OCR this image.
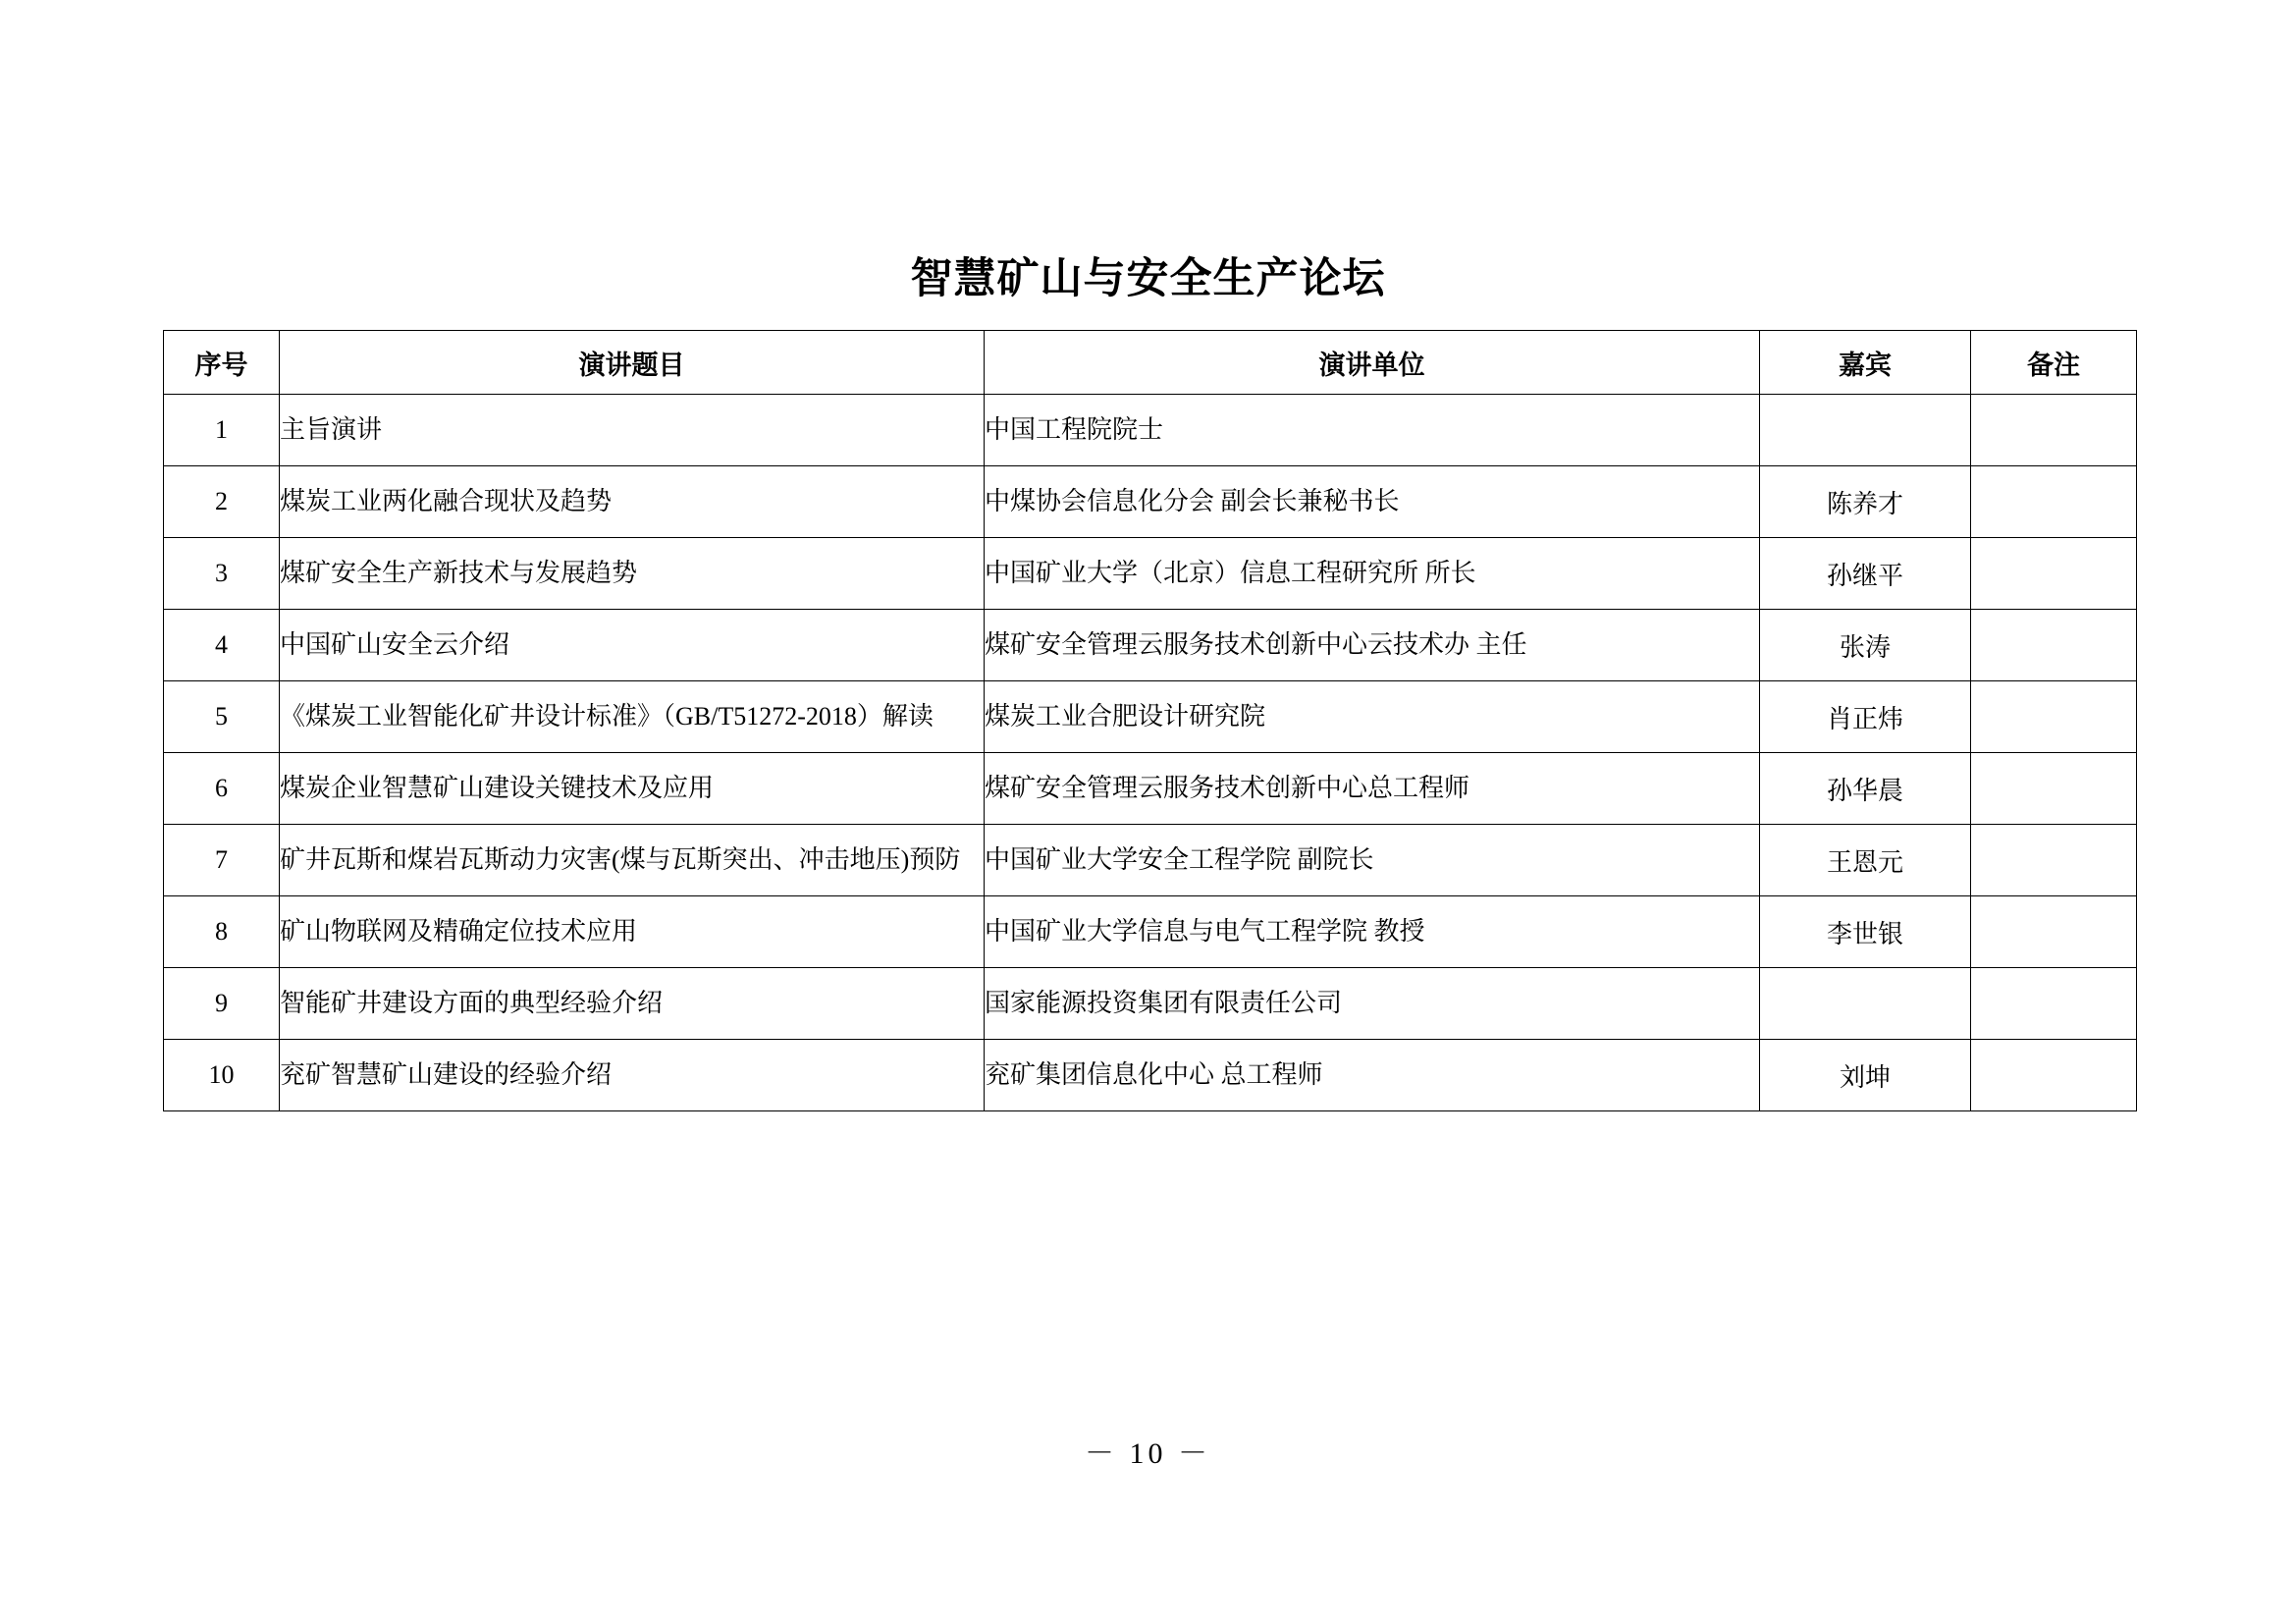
智慧矿山与安全生产论坛
序号	演讲题目	演讲单位	嘉宾	备注
1	主旨演讲	中国工程院院士		
2	煤炭工业两化融合现状及趋势	中煤协会信息化分会 副会长兼秘书长	陈养才	
3	煤矿安全生产新技术与发展趋势	中国矿业大学（北京）信息工程研究所 所长	孙继平	
4	中国矿山安全云介绍	煤矿安全管理云服务技术创新中心云技术办 主任	张涛	
5	《煤炭工业智能化矿井设计标准》（GB/T51272-2018）解读	煤炭工业合肥设计研究院	肖正炜	
6	煤炭企业智慧矿山建设关键技术及应用	煤矿安全管理云服务技术创新中心总工程师	孙华晨	
7	矿井瓦斯和煤岩瓦斯动力灾害(煤与瓦斯突出、冲击地压)预防	中国矿业大学安全工程学院 副院长	王恩元	
8	矿山物联网及精确定位技术应用	中国矿业大学信息与电气工程学院 教授	李世银	
9	智能矿井建设方面的典型经验介绍	国家能源投资集团有限责任公司		
10	兖矿智慧矿山建设的经验介绍	兖矿集团信息化中心 总工程师	刘坤	
－ 10 －
